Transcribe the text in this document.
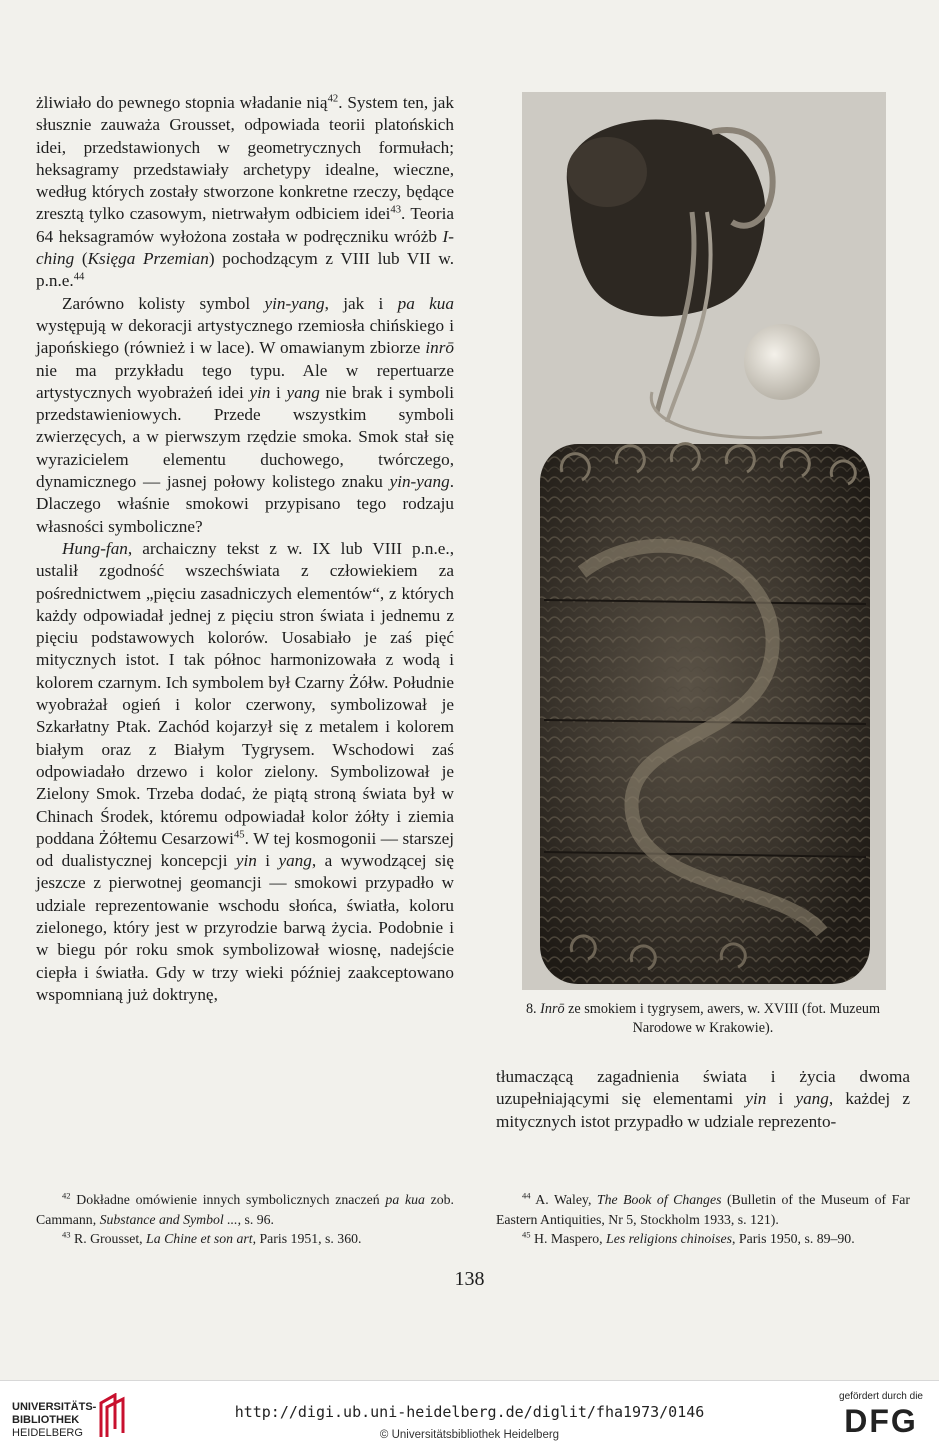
żliwiało do pewnego stopnia władanie nią$^{42}$. System ten, jak słusznie zauważa Grousset, odpowiada teorii platońskich idei, przedstawionych w geometrycznych formułach; heksagramy przedstawiały archetypy idealne, wieczne, według których zostały stworzone konkretne rzeczy, będące zresztą tylko czasowym, nietrwałym odbiciem idei$^{43}$. Teoria 64 heksagramów wyłożona została w podręczniku wróżb I-ching (Księga Przemian) pochodzącym z VIII lub VII w. p.n.e.$^{44}$

Zarówno kolisty symbol yin-yang, jak i pa kua występują w dekoracji artystycznego rzemiosła chińskiego i japońskiego (również i w lace). W omawianym zbiorze inrō nie ma przykładu tego typu. Ale w repertuarze artystycznych wyobrażeń idei yin i yang nie brak i symboli przedstawieniowych. Przede wszystkim symboli zwierzęcych, a w pierwszym rzędzie smoka. Smok stał się wyrazicielem elementu duchowego, twórczego, dynamicznego — jasnej połowy kolistego znaku yin-yang. Dlaczego właśnie smokowi przypisano tego rodzaju własności symboliczne?

Hung-fan, archaiczny tekst z w. IX lub VIII p.n.e., ustalił zgodność wszechświata z człowiekiem za pośrednictwem „pięciu zasadniczych elementów“, z których każdy odpowiadał jednej z pięciu stron świata i jednemu z pięciu podstawowych kolorów. Uosabiało je zaś pięć mitycznych istot. I tak północ harmonizowała z wodą i kolorem czarnym. Ich symbolem był Czarny Żółw. Południe wyobrażał ogień i kolor czerwony, symbolizował je Szkarłatny Ptak. Zachód kojarzył się z metalem i kolorem białym oraz z Białym Tygrysem. Wschodowi zaś odpowiadało drzewo i kolor zielony. Symbolizował je Zielony Smok. Trzeba dodać, że piątą stroną świata był w Chinach Środek, któremu odpowiadał kolor żółty i ziemia poddana Żółtemu Cesarzowi$^{45}$. W tej kosmogonii — starszej od dualistycznej koncepcji yin i yang, a wywodzącej się jeszcze z pierwotnej geomancji — smokowi przypadło w udziale reprezentowanie wschodu słońca, światła, koloru zielonego, który jest w przyrodzie barwą życia. Podobnie i w biegu pór roku smok symbolizował wiosnę, nadejście ciepła i światła. Gdy w trzy wieki później zaakceptowano wspomnianą już doktrynę,

8. Inrō ze smokiem i tygrysem, awers, w. XVIII (fot. Muzeum
Narodowe w Krakowie).

tłumaczącą zagadnienia świata i życia dwoma uzupełniającymi się elementami yin i yang, każdej z mitycznych istot przypadło w udziale reprezento-

$^{42}$ Dokładne omówienie innych symbolicznych znaczeń pa kua zob. Cammann, Substance and Symbol ..., s. 96.

$^{43}$ R. Grousset, La Chine et son art, Paris 1951, s. 360.

$^{44}$ A. Waley, The Book of Changes (Bulletin of the Museum of Far Eastern Antiquities, Nr 5, Stockholm 1933, s. 121).

$^{45}$ H. Maspero, Les religions chinoises, Paris 1950, s. 89–90.

138
UNIVERSITÄTS-
BIBLIOTHEK
HEIDELBERG
http://digi.ub.uni-heidelberg.de/diglit/fha1973/0146
© Universitätsbibliothek Heidelberg
gefördert durch die
DFG
